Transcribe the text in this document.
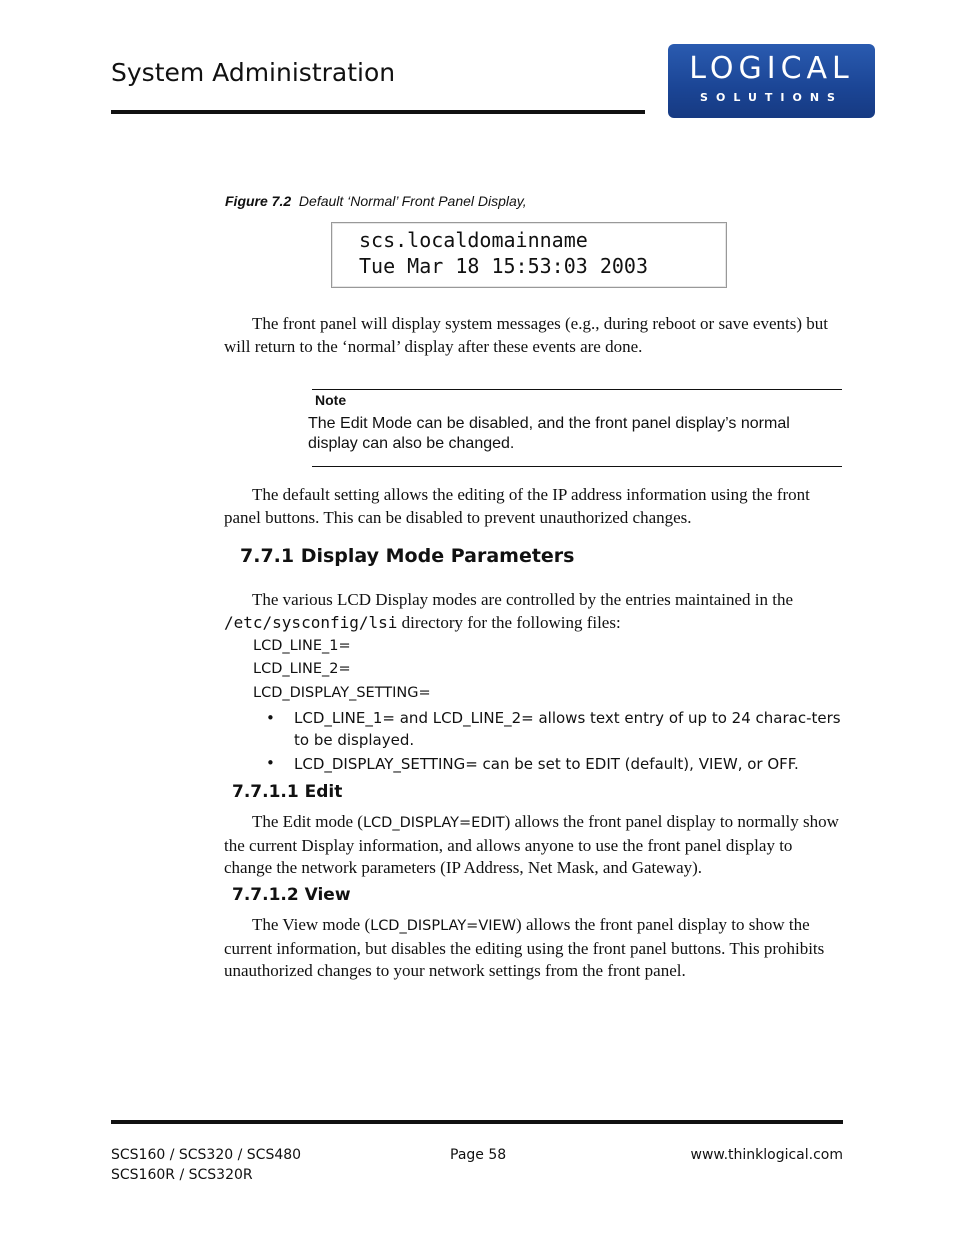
System Administration	LOGICAL
SOLUTIONS
Figure 7.2 Default ‘Normal’ Front Panel Display,
scs.localdomainname
Tue Mar 18 15:53:03 2003

The front panel will display system messages (e.g., during reboot or save events) but will return to the ‘normal’ display after these events are done.

Note
The Edit Mode can be disabled, and the front panel display’s normal display can also be changed.

The default setting allows the editing of the IP address information using the front panel buttons. This can be disabled to prevent unauthorized changes.

7.7.1 Display Mode Parameters

The various LCD Display modes are controlled by the entries maintained in the /etc/sysconfig/lsi directory for the following files:

LCD_LINE_1=
LCD_LINE_2=
LCD_DISPLAY_SETTING=
• LCD_LINE_1= and LCD_LINE_2= allows text entry of up to 24 charac-ters to be displayed.
• LCD_DISPLAY_SETTING= can be set to EDIT (default), VIEW, or OFF.
7.7.1.1 Edit

The Edit mode (LCD_DISPLAY=EDIT) allows the front panel display to normally show the current Display information, and allows anyone to use the front panel display to change the network parameters (IP Address, Net Mask, and Gateway).

7.7.1.2 View

The View mode (LCD_DISPLAY=VIEW) allows the front panel display to show the current information, but disables the editing using the front panel buttons. This prohibits unauthorized changes to your network settings from the front panel.

SCS160 / SCS320 / SCS480
SCS160R / SCS320R
Page 58	www.thinklogical.com
